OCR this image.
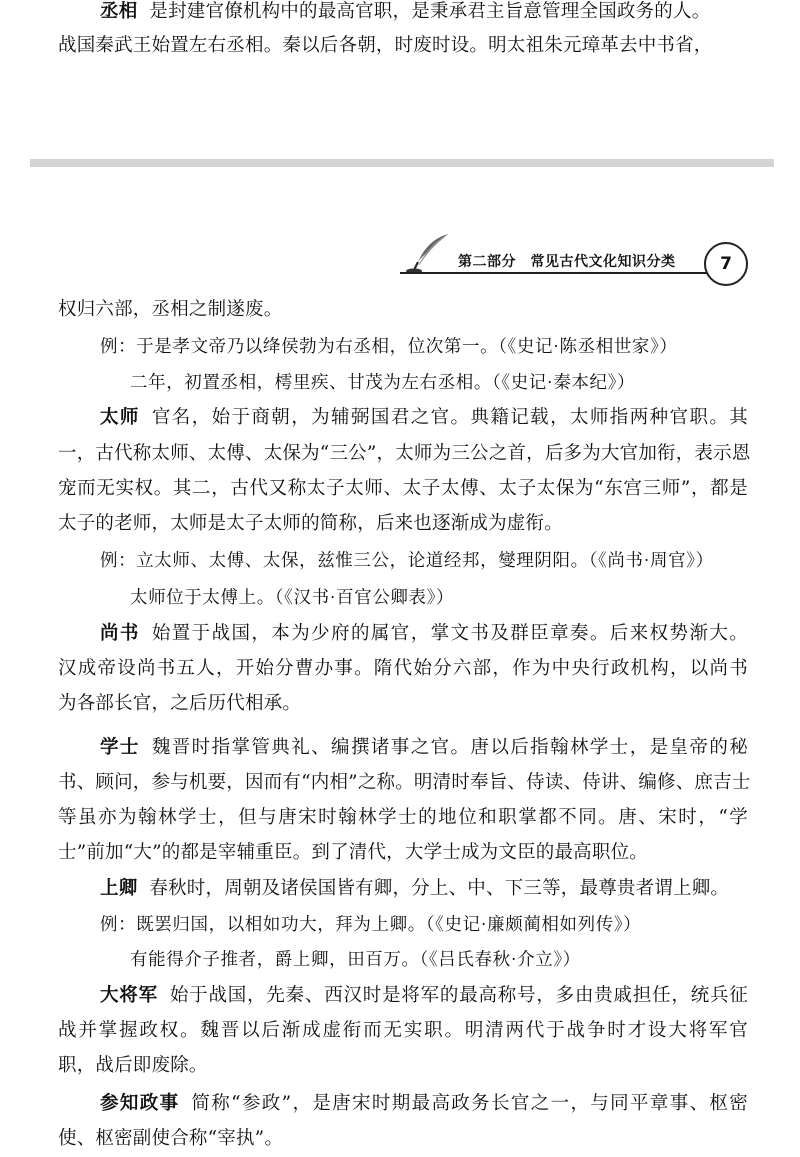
丞相 是封建官僚机构中的最高官职，是秉承君主旨意管理全国政务的人。
战国秦武王始置左右丞相。秦以后各朝，时废时设。明太祖朱元璋革去中书省，
第二部分　常见古代文化知识分类	7
权归六部，丞相之制遂废。
例：于是孝文帝乃以绛侯勃为右丞相，位次第一。（《史记·陈丞相世家》）
二年，初置丞相，樗里疾、甘茂为左右丞相。（《史记·秦本纪》）
太师 官名，始于商朝，为辅弼国君之官。典籍记载，太师指两种官职。其
一，古代称太师、太傅、太保为“三公”，太师为三公之首，后多为大官加衔，表示恩
宠而无实权。其二，古代又称太子太师、太子太傅、太子太保为“东宫三师”，都是
太子的老师，太师是太子太师的简称，后来也逐渐成为虚衔。
例：立太师、太傅、太保，兹惟三公，论道经邦，燮理阴阳。（《尚书·周官》）
太师位于太傅上。（《汉书·百官公卿表》）
尚书 始置于战国，本为少府的属官，掌文书及群臣章奏。后来权势渐大。
汉成帝设尚书五人，开始分曹办事。隋代始分六部，作为中央行政机构，以尚书
为各部长官，之后历代相承。
学士 魏晋时指掌管典礼、编撰诸事之官。唐以后指翰林学士，是皇帝的秘
书、顾问，参与机要，因而有“内相”之称。明清时奉旨、侍读、侍讲、编修、庶吉士
等虽亦为翰林学士，但与唐宋时翰林学士的地位和职掌都不同。唐、宋时，“学
士”前加“大”的都是宰辅重臣。到了清代，大学士成为文臣的最高职位。
上卿 春秋时，周朝及诸侯国皆有卿，分上、中、下三等，最尊贵者谓上卿。
例：既罢归国，以相如功大，拜为上卿。（《史记·廉颇蔺相如列传》）
有能得介子推者，爵上卿，田百万。（《吕氏春秋·介立》）
大将军 始于战国，先秦、西汉时是将军的最高称号，多由贵戚担任，统兵征
战并掌握政权。魏晋以后渐成虚衔而无实职。明清两代于战争时才设大将军官
职，战后即废除。
参知政事 简称“参政”，是唐宋时期最高政务长官之一，与同平章事、枢密
使、枢密副使合称“宰执”。
